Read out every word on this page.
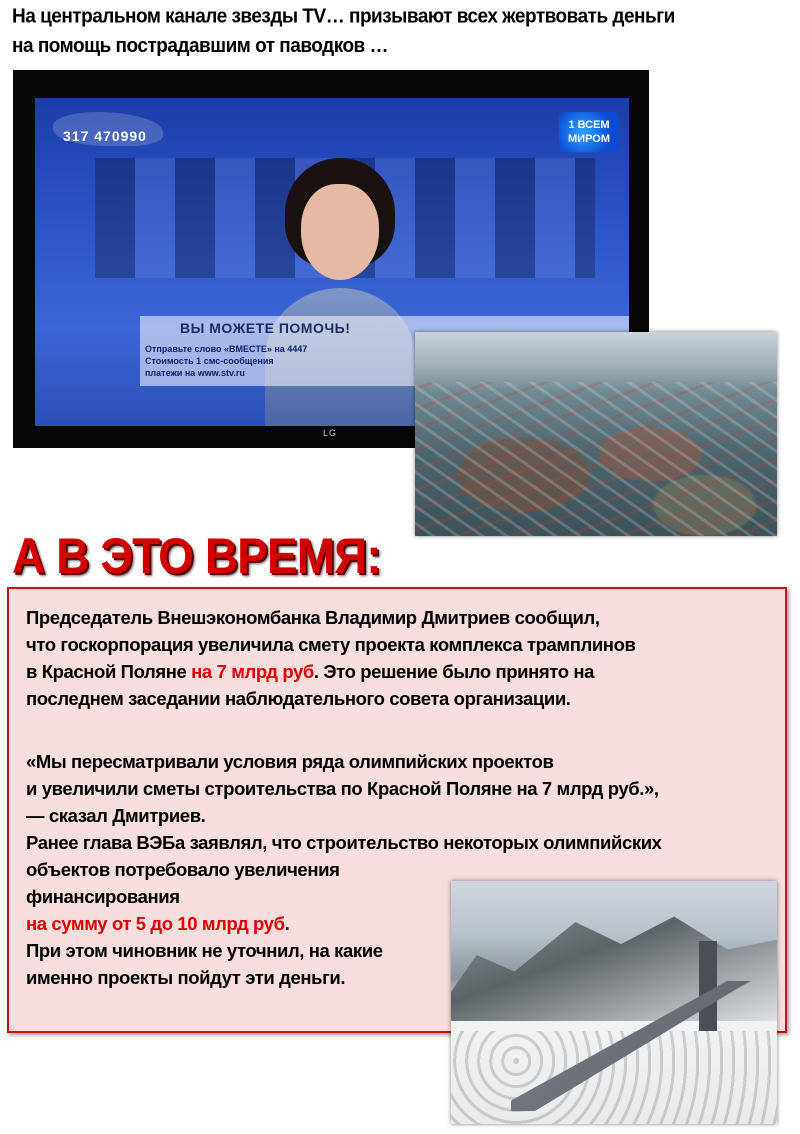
На центральном канале звезды TV… призывают всех жертвовать деньги
на помощь пострадавшим от паводков …
317 470990
1 ВСЕМ МИРОМ
ВЫ МОЖЕТЕ ПОМОЧЬ!
Отправьте слово «ВМЕСТЕ» на 4447
Стоимость 1 смс-сообщения
платежи на www.stv.ru
LG
А В ЭТО ВРЕМЯ:
Председатель Внешэкономбанка Владимир Дмитриев сообщил,
что госкорпорация увеличила смету проекта комплекса трамплинов
в Красной Поляне на 7 млрд руб. Это решение было принято на
последнем заседании наблюдательного совета организации.
«Мы пересматривали условия ряда олимпийских проектов
и увеличили сметы строительства по Красной Поляне на 7 млрд руб.»,
— сказал Дмитриев.
Ранее глава ВЭБа заявлял, что строительство некоторых олимпийских
объектов потребовало увеличения
финансирования
на сумму от 5 до 10 млрд руб.
При этом чиновник не уточнил, на какие
именно проекты пойдут эти деньги.
